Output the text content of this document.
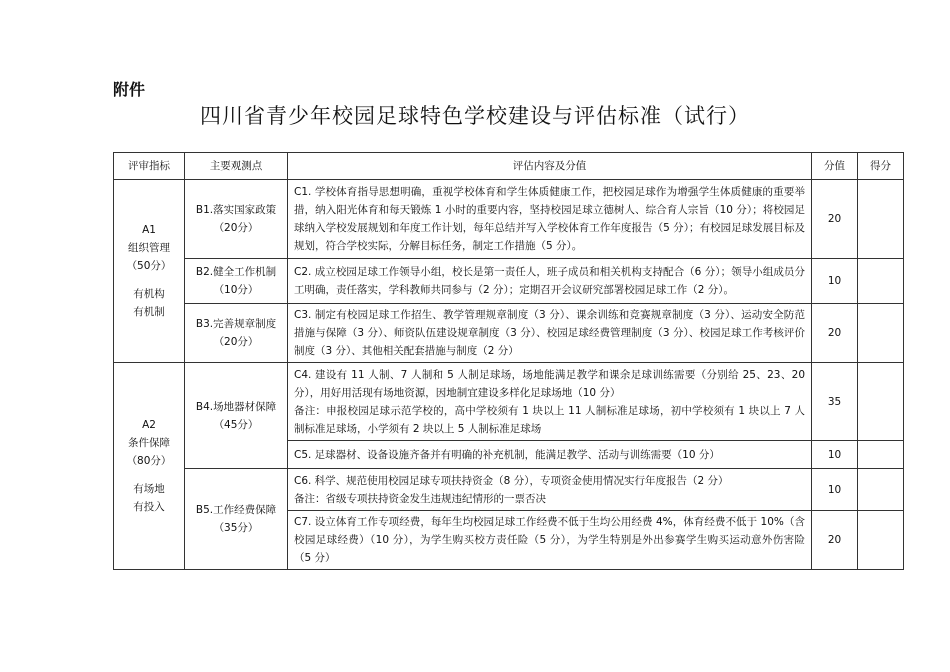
附件
四川省青少年校园足球特色学校建设与评估标准（试行）
评审指标	主要观测点	评估内容及分值	分值	得分

A1
组织管理
（50分）
有机构
有机制	B1.落实国家政策
（20分）	C1. 学校体育指导思想明确，重视学校体育和学生体质健康工作，把校园足球作为增强学生体质健康的重要举措，纳入阳光体育和每天锻炼 1 小时的重要内容，坚持校园足球立德树人、综合育人宗旨（10 分）；将校园足球纳入学校发展规划和年度工作计划，每年总结并写入学校体育工作年度报告（5 分）；有校园足球发展目标及规划，符合学校实际，分解目标任务，制定工作措施（5 分）。	20	

	B2.健全工作机制
（10分）	C2. 成立校园足球工作领导小组，校长是第一责任人，班子成员和相关机构支持配合（6 分）；领导小组成员分工明确，责任落实，学科教师共同参与（2 分）；定期召开会议研究部署校园足球工作（2 分）。	10	

	B3.完善规章制度
（20分）	C3. 制定有校园足球工作招生、教学管理规章制度（3 分）、课余训练和竞赛规章制度（3 分）、运动安全防范措施与保障（3 分）、师资队伍建设规章制度（3 分）、校园足球经费管理制度（3 分）、校园足球工作考核评价制度（3 分）、其他相关配套措施与制度（2 分）	20	

A2
条件保障
（80分）
有场地
有投入	B4.场地器材保障
（45分）	C4. 建设有 11 人制、7 人制和 5 人制足球场，场地能满足教学和课余足球训练需要（分别给 25、23、20 分），用好用活现有场地资源，因地制宜建设多样化足球场地（10 分）
备注：申报校园足球示范学校的，高中学校须有 1 块以上 11 人制标准足球场，初中学校须有 1 块以上 7 人制标准足球场，小学须有 2 块以上 5 人制标准足球场	35	
		C5. 足球器材、设备设施齐备并有明确的补充机制，能满足教学、活动与训练需要（10 分）	10	

	B5.工作经费保障
（35分）	C6. 科学、规范使用校园足球专项扶持资金（8 分），专项资金使用情况实行年度报告（2 分）
备注：省级专项扶持资金发生违规违纪情形的一票否决	10	
		C7. 设立体育工作专项经费，每年生均校园足球工作经费不低于生均公用经费 4%，体育经费不低于 10%（含校园足球经费）（10 分），为学生购买校方责任险（5 分），为学生特别是外出参赛学生购买运动意外伤害险（5 分）	20	
